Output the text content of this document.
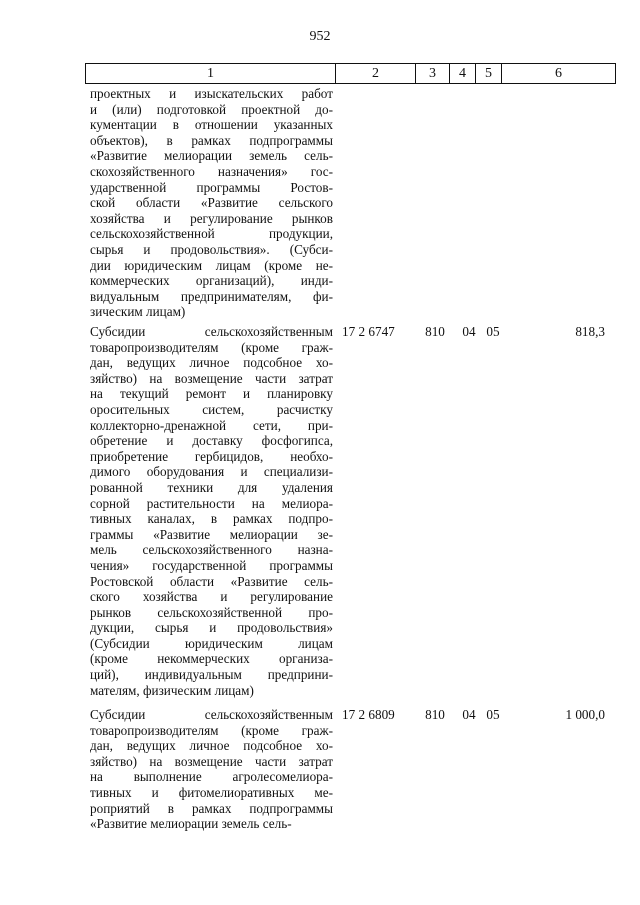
952
1	2	3	4	5	6
проектных и изыскательских работ
и (или) подготовкой проектной до-
кументации в отношении указанных
объектов), в рамках подпрограммы
«Развитие мелиорации земель сель-
скохозяйственного назначения» гос-
ударственной программы Ростов-
ской области «Развитие сельского
хозяйства и регулирование рынков
сельскохозяйственной продукции,
сырья и продовольствия». (Субси-
дии юридическим лицам (кроме не-
коммерческих организаций), инди-
видуальным предпринимателям, фи-
зическим лицам)
Субсидии сельскохозяйственным
товаропроизводителям (кроме граж-
дан, ведущих личное подсобное хо-
зяйство) на возмещение части затрат
на текущий ремонт и планировку
оросительных систем, расчистку
коллекторно-дренажной сети, при-
обретение и доставку фосфогипса,
приобретение гербицидов, необхо-
димого оборудования и специализи-
рованной техники для удаления
сорной растительности на мелиора-
тивных каналах, в рамках подпро-
граммы «Развитие мелиорации зе-
мель сельскохозяйственного назна-
чения» государственной программы
Ростовской области «Развитие сель-
ского хозяйства и регулирование
рынков сельскохозяйственной про-
дукции, сырья и продовольствия»
(Субсидии юридическим лицам
(кроме некоммерческих организа-
ций), индивидуальным предприни-
мателям, физическим лицам)
17 2 6747	810	04 05	818,3
Субсидии сельскохозяйственным
товаропроизводителям (кроме граж-
дан, ведущих личное подсобное хо-
зяйство) на возмещение части затрат
на выполнение агролесомелиора-
тивных и фитомелиоративных ме-
роприятий в рамках подпрограммы
«Развитие мелиорации земель сель-
17 2 6809	810	04 05	1 000,0
